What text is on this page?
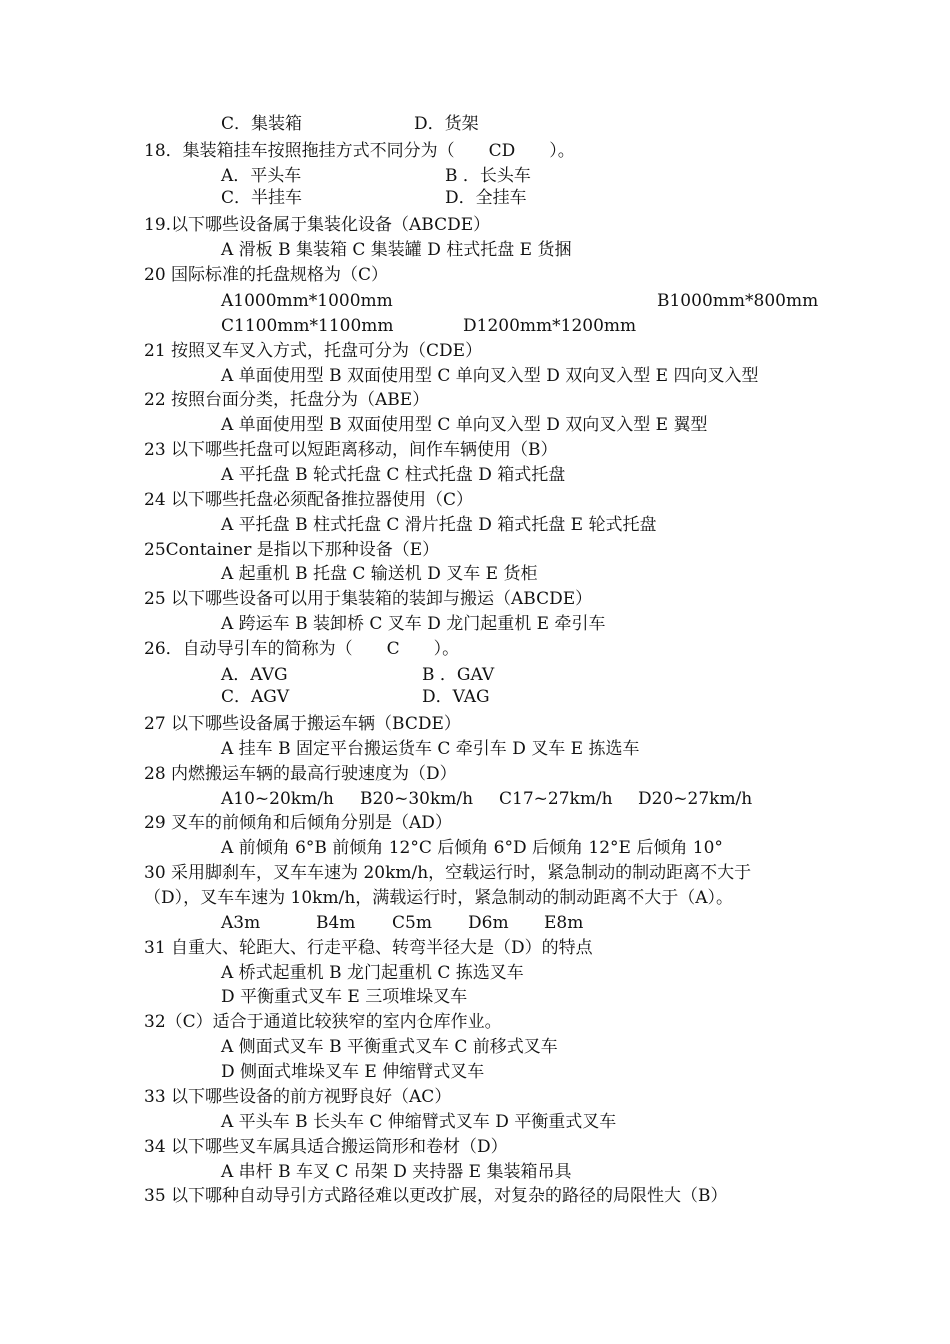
C．集装箱	D．货架
18．集装箱挂车按照拖挂方式不同分为（　　CD　　）。
A．平头车	B ．长头车
C．半挂车	D．全挂车
19.以下哪些设备属于集装化设备（ABCDE）
A 滑板 B 集装箱 C 集装罐 D 柱式托盘 E 货捆
20 国际标准的托盘规格为（C）
A1000mm*1000mm	B1000mm*800mm
C1100mm*1100mm	D1200mm*1200mm
21 按照叉车叉入方式，托盘可分为（CDE）
A 单面使用型 B 双面使用型 C 单向叉入型 D 双向叉入型 E 四向叉入型
22 按照台面分类，托盘分为（ABE）
A 单面使用型 B 双面使用型 C 单向叉入型 D 双向叉入型 E 翼型
23 以下哪些托盘可以短距离移动，间作车辆使用（B）
A 平托盘 B 轮式托盘 C 柱式托盘 D 箱式托盘
24 以下哪些托盘必须配备推拉器使用（C）
A 平托盘 B 柱式托盘 C 滑片托盘 D 箱式托盘 E 轮式托盘
25Container 是指以下那种设备（E）
A 起重机 B 托盘 C 输送机 D 叉车 E 货柜
25 以下哪些设备可以用于集装箱的装卸与搬运（ABCDE）
A 跨运车 B 装卸桥 C 叉车 D 龙门起重机 E 牵引车
26．自动导引车的简称为（　　C　　）。
A．AVG	B ．GAV
C．AGV	D．VAG
27 以下哪些设备属于搬运车辆（BCDE）
A 挂车 B 固定平台搬运货车 C 牵引车 D 叉车 E 拣选车
28 内燃搬运车辆的最高行驶速度为（D）
A10~20km/h B20~30km/h C17~27km/h D20~27km/h
29 叉车的前倾角和后倾角分别是（AD）
A 前倾角 6°B 前倾角 12°C 后倾角 6°D 后倾角 12°E 后倾角 10°
30 采用脚刹车，叉车车速为 20km/h，空载运行时，紧急制动的制动距离不大于
（D），叉车车速为 10km/h，满载运行时，紧急制动的制动距离不大于（A）。
A3m	B4m C5m D6m E8m
31 自重大、轮距大、行走平稳、转弯半径大是（D）的特点
A 桥式起重机 B 龙门起重机 C 拣选叉车
D 平衡重式叉车 E 三项堆垛叉车
32（C）适合于通道比较狭窄的室内仓库作业。
A 侧面式叉车 B 平衡重式叉车 C 前移式叉车
D 侧面式堆垛叉车 E 伸缩臂式叉车
33 以下哪些设备的前方视野良好（AC）
A 平头车 B 长头车 C 伸缩臂式叉车 D 平衡重式叉车
34 以下哪些叉车属具适合搬运筒形和卷材（D）
A 串杆 B 车叉 C 吊架 D 夹持器 E 集装箱吊具
35 以下哪种自动导引方式路径难以更改扩展，对复杂的路径的局限性大（B）
